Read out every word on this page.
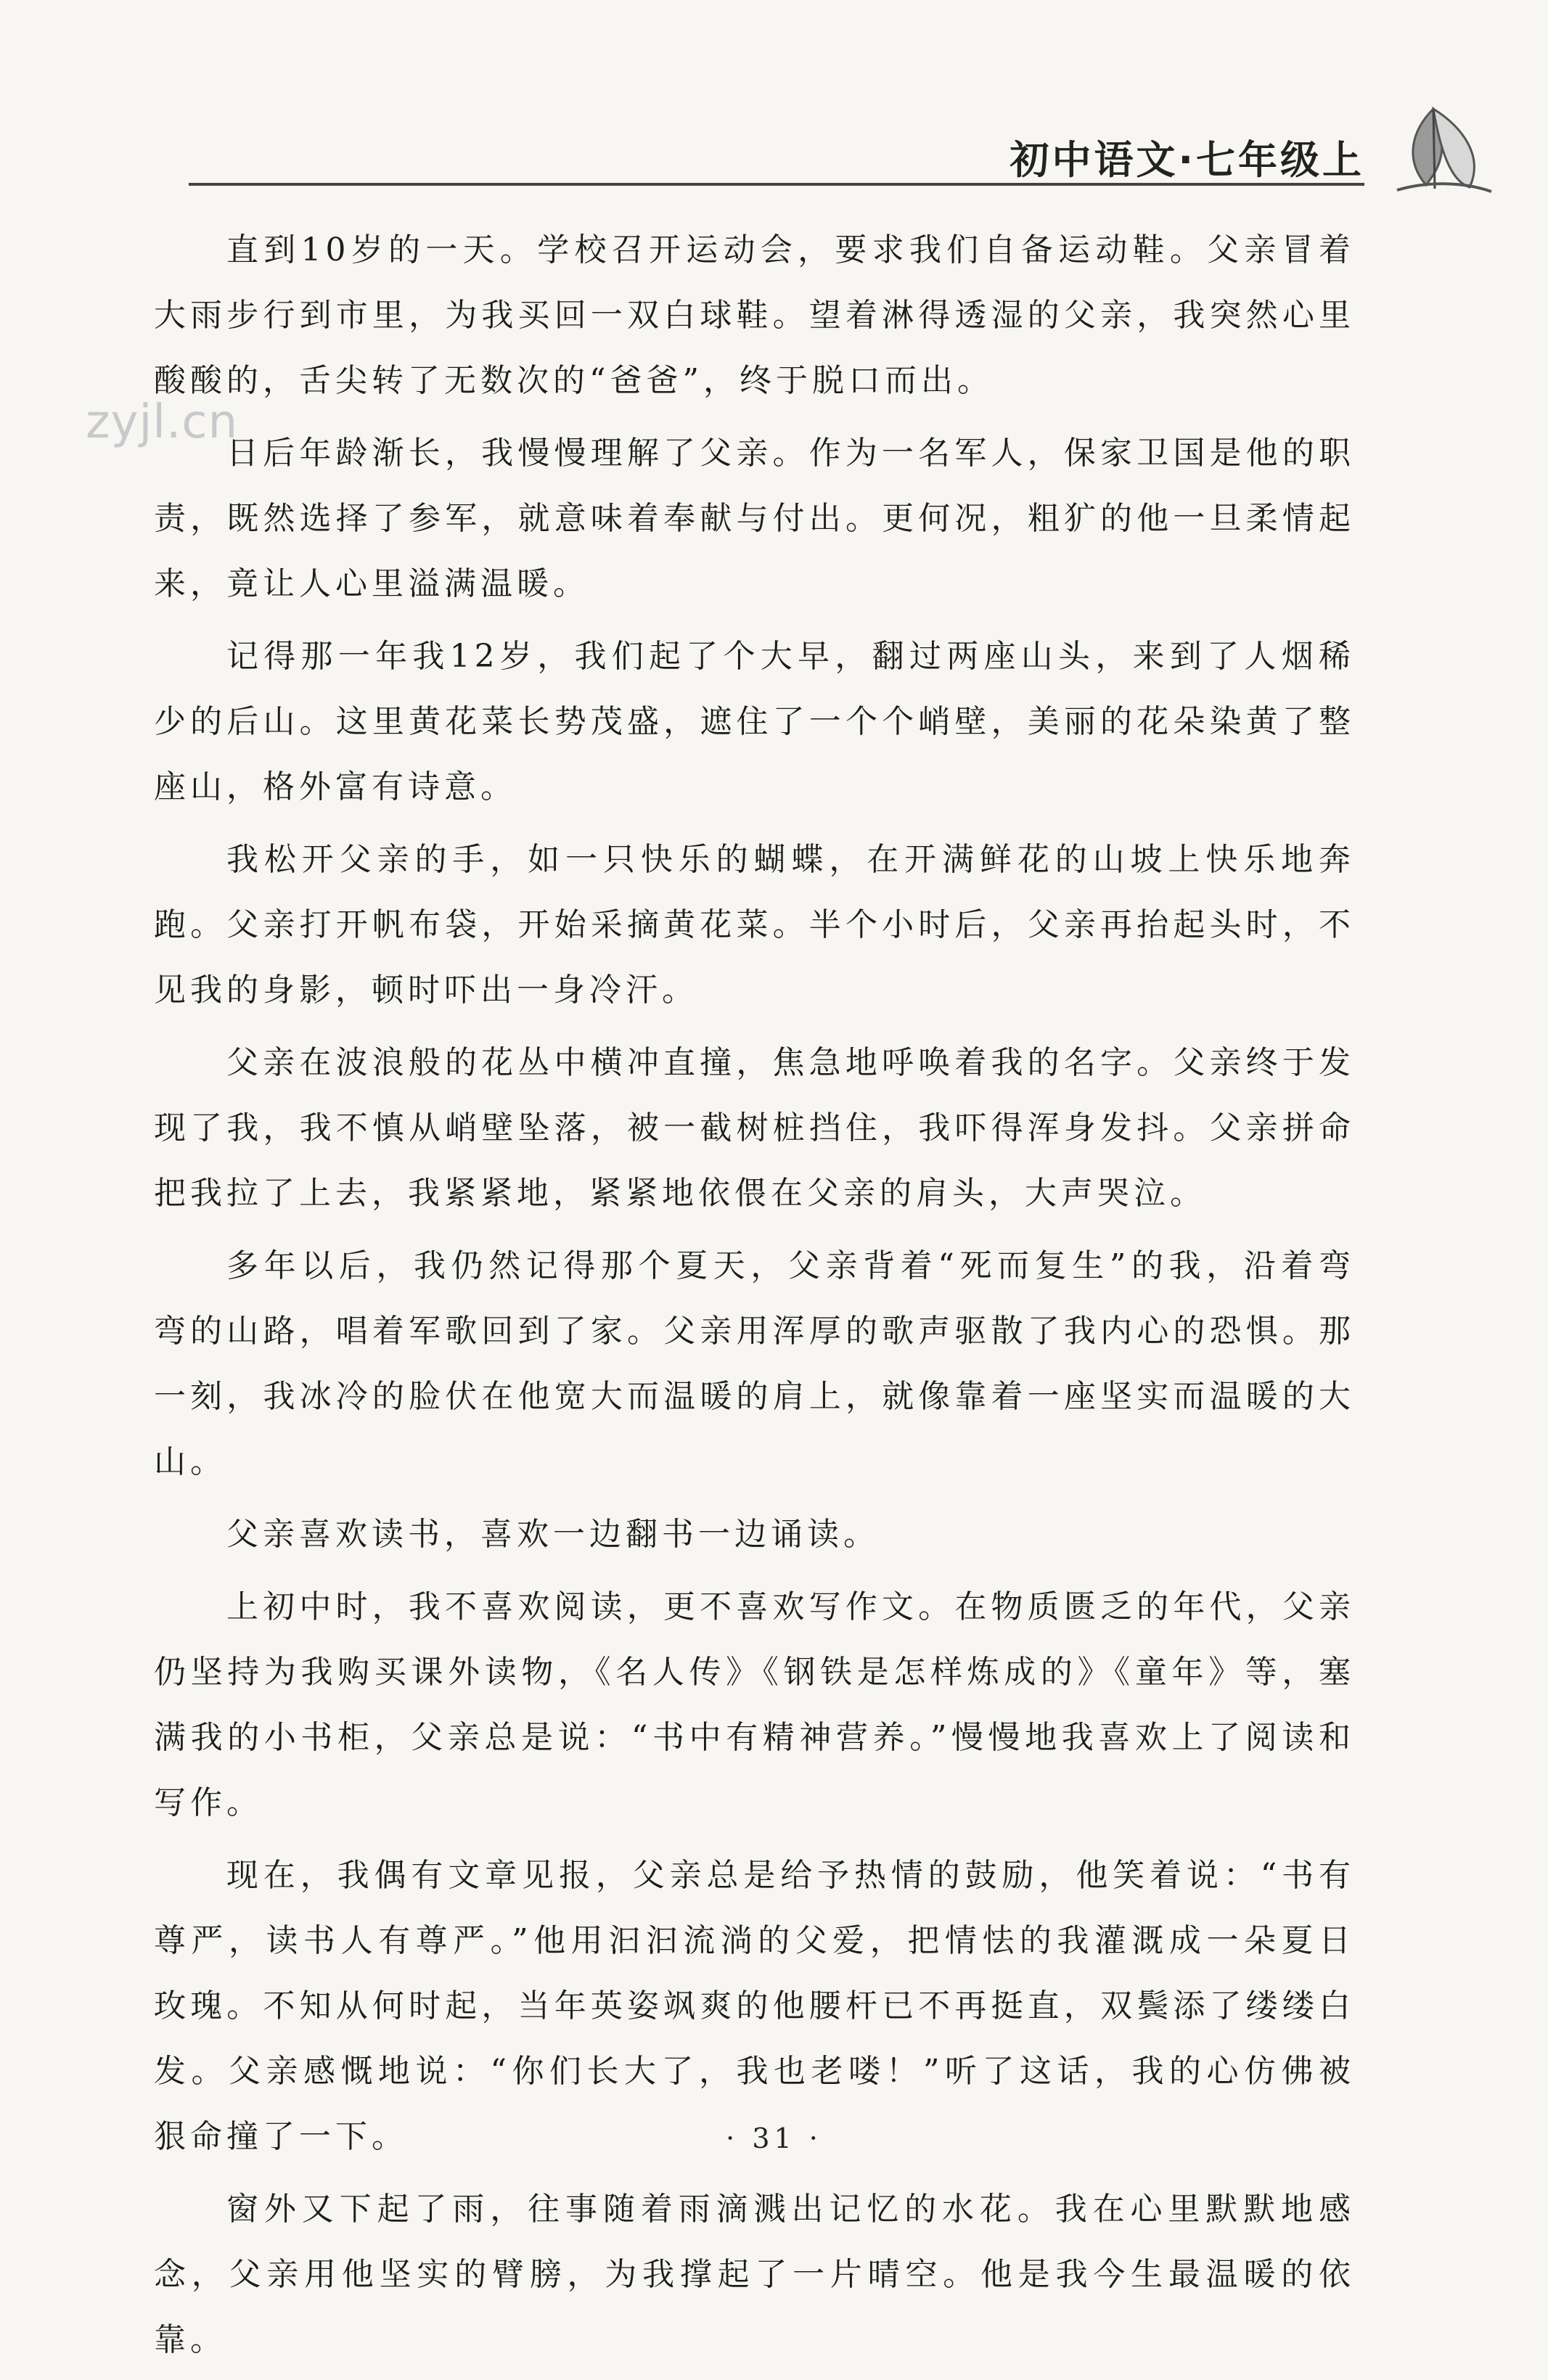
初中语文·七年级上
zyjl.cn

直到10岁的一天。学校召开运动会，要求我们自备运动鞋。父亲冒着大雨步行到市里，为我买回一双白球鞋。望着淋得透湿的父亲，我突然心里酸酸的，舌尖转了无数次的“爸爸”，终于脱口而出。

日后年龄渐长，我慢慢理解了父亲。作为一名军人，保家卫国是他的职责，既然选择了参军，就意味着奉献与付出。更何况，粗犷的他一旦柔情起来，竟让人心里溢满温暖。

记得那一年我12岁，我们起了个大早，翻过两座山头，来到了人烟稀少的后山。这里黄花菜长势茂盛，遮住了一个个峭壁，美丽的花朵染黄了整座山，格外富有诗意。

我松开父亲的手，如一只快乐的蝴蝶，在开满鲜花的山坡上快乐地奔跑。父亲打开帆布袋，开始采摘黄花菜。半个小时后，父亲再抬起头时，不见我的身影，顿时吓出一身冷汗。

父亲在波浪般的花丛中横冲直撞，焦急地呼唤着我的名字。父亲终于发现了我，我不慎从峭壁坠落，被一截树桩挡住，我吓得浑身发抖。父亲拼命把我拉了上去，我紧紧地，紧紧地依偎在父亲的肩头，大声哭泣。

多年以后，我仍然记得那个夏天，父亲背着“死而复生”的我，沿着弯弯的山路，唱着军歌回到了家。父亲用浑厚的歌声驱散了我内心的恐惧。那一刻，我冰冷的脸伏在他宽大而温暖的肩上，就像靠着一座坚实而温暖的大山。

父亲喜欢读书，喜欢一边翻书一边诵读。

上初中时，我不喜欢阅读，更不喜欢写作文。在物质匮乏的年代，父亲仍坚持为我购买课外读物，《名人传》《钢铁是怎样炼成的》《童年》等，塞满我的小书柜，父亲总是说：“书中有精神营养。”慢慢地我喜欢上了阅读和写作。

现在，我偶有文章见报，父亲总是给予热情的鼓励，他笑着说：“书有尊严，读书人有尊严。”他用汩汩流淌的父爱，把情怯的我灌溉成一朵夏日玫瑰。不知从何时起，当年英姿飒爽的他腰杆已不再挺直，双鬓添了缕缕白发。父亲感慨地说：“你们长大了，我也老喽！”听了这话，我的心仿佛被狠命撞了一下。

窗外又下起了雨，往事随着雨滴溅出记忆的水花。我在心里默默地感念，父亲用他坚实的臂膀，为我撑起了一片晴空。他是我今生最温暖的依靠。

· 31 ·
